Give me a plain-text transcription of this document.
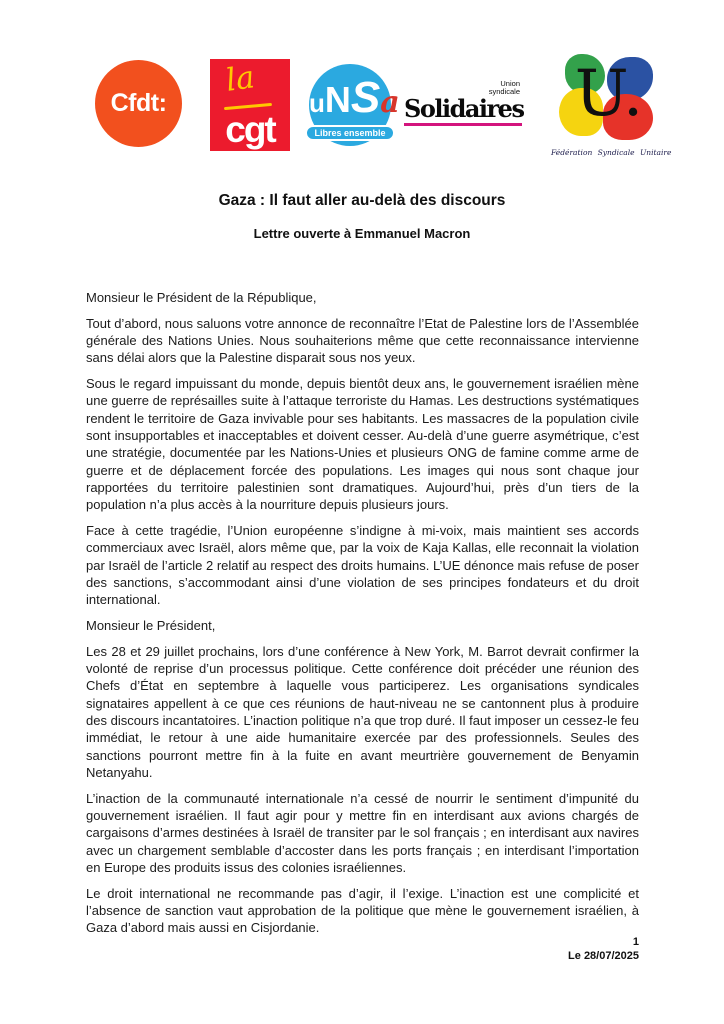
Cfdt:
la
cgt
uNSa
Libres ensemble
Union
syndicale
Solidaires U.
Fédération Syndicale Unitaire
Gaza : Il faut aller au-delà des discours
Lettre ouverte à Emmanuel Macron

Monsieur le Président de la République,

Tout d’abord, nous saluons votre annonce de reconnaître l’Etat de Palestine lors de l’Assemblée générale des Nations Unies. Nous souhaiterions même que cette reconnaissance intervienne sans délai alors que la Palestine disparait sous nos yeux.

Sous le regard impuissant du monde, depuis bientôt deux ans, le gouvernement israélien mène une guerre de représailles suite à l’attaque terroriste du Hamas. Les destructions systématiques rendent le territoire de Gaza invivable pour ses habitants. Les massacres de la population civile sont insupportables et inacceptables et doivent cesser. Au-delà d’une guerre asymétrique, c’est une stratégie, documentée par les Nations-Unies et plusieurs ONG de famine comme arme de guerre et de déplacement forcée des populations. Les images qui nous sont chaque jour rapportées du territoire palestinien sont dramatiques. Aujourd’hui, près d’un tiers de la population n’a plus accès à la nourriture depuis plusieurs jours.

Face à cette tragédie, l’Union européenne s’indigne à mi-voix, mais maintient ses accords commerciaux avec Israël, alors même que, par la voix de Kaja Kallas, elle reconnait la violation par Israël de l’article 2 relatif au respect des droits humains. L’UE dénonce mais refuse de poser des sanctions, s’accommodant ainsi d’une violation de ses principes fondateurs et du droit international.

Monsieur le Président,

Les 28 et 29 juillet prochains, lors d’une conférence à New York, M. Barrot devrait confirmer la volonté de reprise d’un processus politique. Cette conférence doit précéder une réunion des Chefs d’État en septembre à laquelle vous participerez. Les organisations syndicales signataires appellent à ce que ces réunions de haut-niveau ne se cantonnent plus à produire des discours incantatoires. L’inaction politique n’a que trop duré. Il faut imposer un cessez-le feu immédiat, le retour à une aide humanitaire exercée par des professionnels. Seules des sanctions pourront mettre fin à la fuite en avant meurtrière gouvernement de Benyamin Netanyahu.

L’inaction de la communauté internationale n’a cessé de nourrir le sentiment d’impunité du gouvernement israélien. Il faut agir pour y mettre fin en interdisant aux avions chargés de cargaisons d’armes destinées à Israël de transiter par le sol français ; en interdisant aux navires avec un chargement semblable d’accoster dans les ports français ; en interdisant l’importation en Europe des produits issus des colonies israéliennes.

Le droit international ne recommande pas d’agir, il l’exige. L’inaction est une complicité et l’absence de sanction vaut approbation de la politique que mène le gouvernement israélien, à Gaza d’abord mais aussi en Cisjordanie.

1
Le 28/07/2025
